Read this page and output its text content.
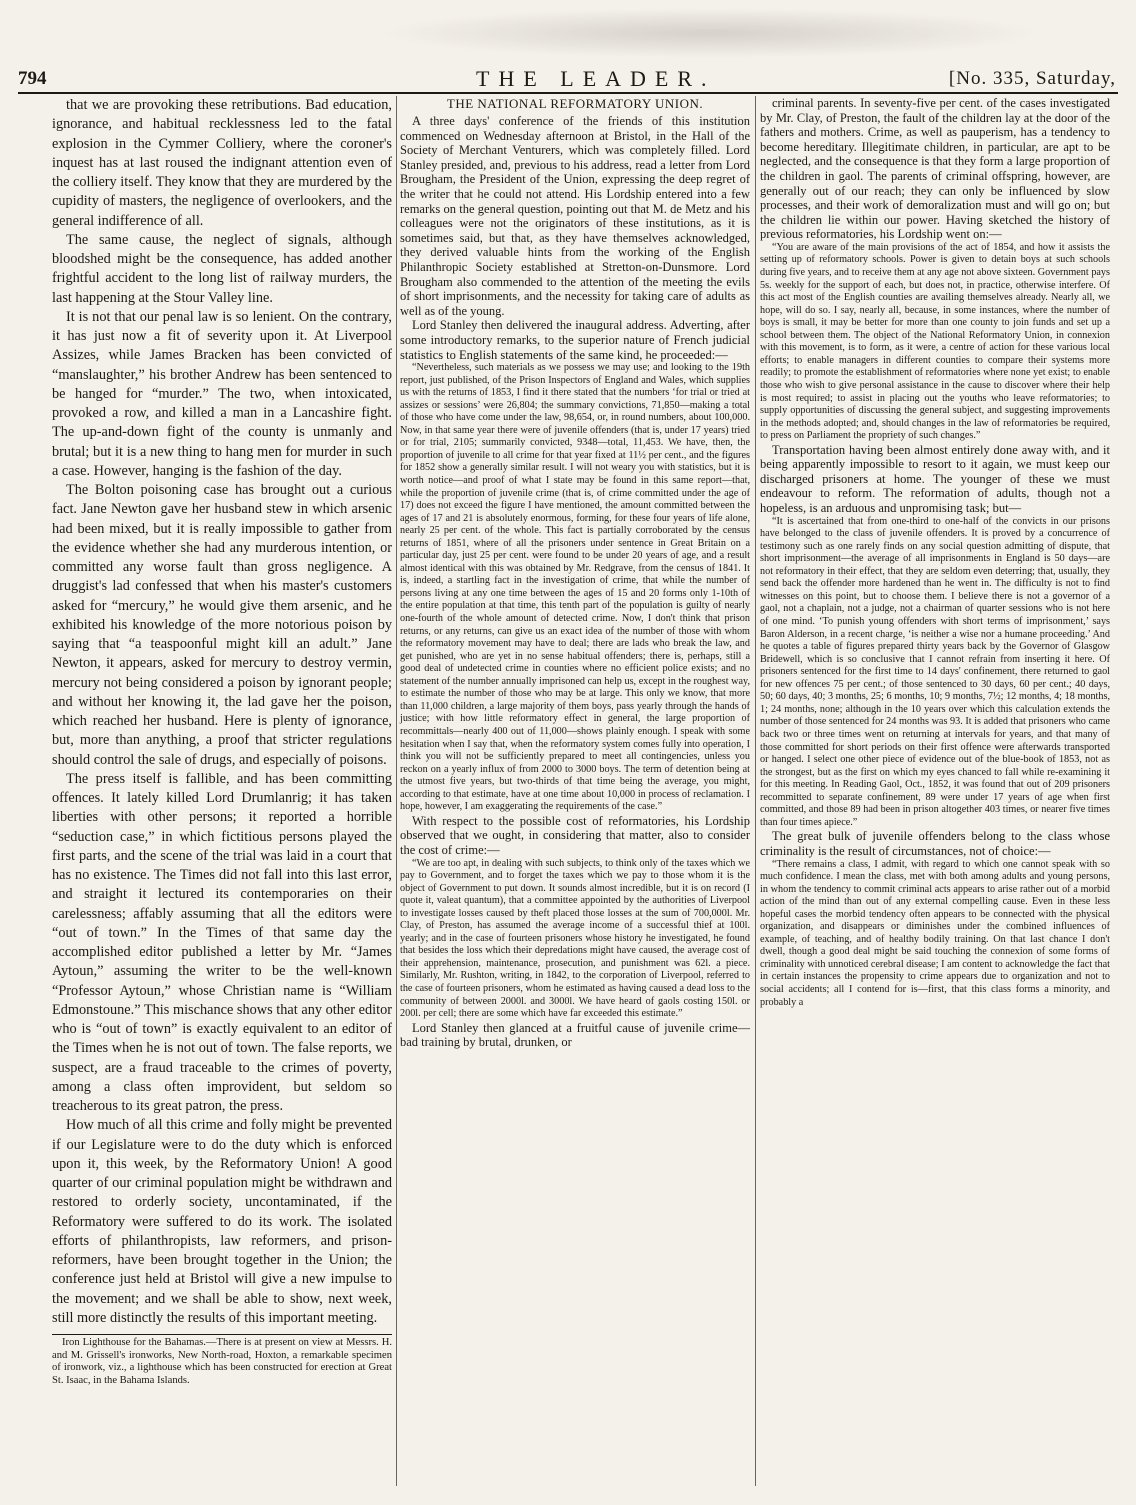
794	THE LEADER.	[No. 335, Saturday,

that we are provoking these retributions. Bad education, ignorance, and habitual recklessness led to the fatal explosion in the Cymmer Colliery, where the coroner's inquest has at last roused the indignant attention even of the colliery itself. They know that they are murdered by the cupidity of masters, the negligence of overlookers, and the general indifference of all.

The same cause, the neglect of signals, although bloodshed might be the consequence, has added another frightful accident to the long list of railway murders, the last happening at the Stour Valley line.

It is not that our penal law is so lenient. On the contrary, it has just now a fit of severity upon it. At Liverpool Assizes, while James Bracken has been convicted of “manslaughter,” his brother Andrew has been sentenced to be hanged for “murder.” The two, when intoxicated, provoked a row, and killed a man in a Lancashire fight. The up-and-down fight of the county is unmanly and brutal; but it is a new thing to hang men for murder in such a case. However, hanging is the fashion of the day.

The Bolton poisoning case has brought out a curious fact. Jane Newton gave her husband stew in which arsenic had been mixed, but it is really impossible to gather from the evidence whether she had any murderous intention, or committed any worse fault than gross negligence. A druggist's lad confessed that when his master's customers asked for “mercury,” he would give them arsenic, and he exhibited his knowledge of the more notorious poison by saying that “a teaspoonful might kill an adult.” Jane Newton, it appears, asked for mercury to destroy vermin, mercury not being considered a poison by ignorant people; and without her knowing it, the lad gave her the poison, which reached her husband. Here is plenty of ignorance, but, more than anything, a proof that stricter regulations should control the sale of drugs, and especially of poisons.

The press itself is fallible, and has been committing offences. It lately killed Lord Drumlanrig; it has taken liberties with other persons; it reported a horrible “seduction case,” in which fictitious persons played the first parts, and the scene of the trial was laid in a court that has no existence. The Times did not fall into this last error, and straight it lectured its contemporaries on their carelessness; affably assuming that all the editors were “out of town.” In the Times of that same day the accomplished editor published a letter by Mr. “James Aytoun,” assuming the writer to be the well-known “Professor Aytoun,” whose Christian name is “William Edmonstoune.” This mischance shows that any other editor who is “out of town” is exactly equivalent to an editor of the Times when he is not out of town. The false reports, we suspect, are a fraud traceable to the crimes of poverty, among a class often improvident, but seldom so treacherous to its great patron, the press.

How much of all this crime and folly might be prevented if our Legislature were to do the duty which is enforced upon it, this week, by the Reformatory Union! A good quarter of our criminal population might be withdrawn and restored to orderly society, uncontaminated, if the Reformatory were suffered to do its work. The isolated efforts of philanthropists, law reformers, and prison-reformers, have been brought together in the Union; the conference just held at Bristol will give a new impulse to the movement; and we shall be able to show, next week, still more distinctly the results of this important meeting.

Iron Lighthouse for the Bahamas.—There is at present on view at Messrs. H. and M. Grissell's ironworks, New North-road, Hoxton, a remarkable specimen of ironwork, viz., a lighthouse which has been constructed for erection at Great St. Isaac, in the Bahama Islands.

THE NATIONAL REFORMATORY UNION.

A three days' conference of the friends of this institution commenced on Wednesday afternoon at Bristol, in the Hall of the Society of Merchant Venturers, which was completely filled. Lord Stanley presided, and, previous to his address, read a letter from Lord Brougham, the President of the Union, expressing the deep regret of the writer that he could not attend. His Lordship entered into a few remarks on the general question, pointing out that M. de Metz and his colleagues were not the originators of these institutions, as it is sometimes said, but that, as they have themselves acknowledged, they derived valuable hints from the working of the English Philanthropic Society established at Stretton-on-Dunsmore. Lord Brougham also commended to the attention of the meeting the evils of short imprisonments, and the necessity for taking care of adults as well as of the young.

Lord Stanley then delivered the inaugural address. Adverting, after some introductory remarks, to the superior nature of French judicial statistics to English statements of the same kind, he proceeded:—

“Nevertheless, such materials as we possess we may use; and looking to the 19th report, just published, of the Prison Inspectors of England and Wales, which supplies us with the returns of 1853, I find it there stated that the numbers ‘for trial or tried at assizes or sessions’ were 26,804; the summary convictions, 71,850—making a total of those who have come under the law, 98,654, or, in round numbers, about 100,000. Now, in that same year there were of juvenile offenders (that is, under 17 years) tried or for trial, 2105; summarily convicted, 9348—total, 11,453. We have, then, the proportion of juvenile to all crime for that year fixed at 11½ per cent., and the figures for 1852 show a generally similar result. I will not weary you with statistics, but it is worth notice—and proof of what I state may be found in this same report—that, while the proportion of juvenile crime (that is, of crime committed under the age of 17) does not exceed the figure I have mentioned, the amount committed between the ages of 17 and 21 is absolutely enormous, forming, for these four years of life alone, nearly 25 per cent. of the whole. This fact is partially corroborated by the census returns of 1851, where of all the prisoners under sentence in Great Britain on a particular day, just 25 per cent. were found to be under 20 years of age, and a result almost identical with this was obtained by Mr. Redgrave, from the census of 1841. It is, indeed, a startling fact in the investigation of crime, that while the number of persons living at any one time between the ages of 15 and 20 forms only 1-10th of the entire population at that time, this tenth part of the population is guilty of nearly one-fourth of the whole amount of detected crime. Now, I don't think that prison returns, or any returns, can give us an exact idea of the number of those with whom the reformatory movement may have to deal; there are lads who break the law, and get punished, who are yet in no sense habitual offenders; there is, perhaps, still a good deal of undetected crime in counties where no efficient police exists; and no statement of the number annually imprisoned can help us, except in the roughest way, to estimate the number of those who may be at large. This only we know, that more than 11,000 children, a large majority of them boys, pass yearly through the hands of justice; with how little reformatory effect in general, the large proportion of recommittals—nearly 400 out of 11,000—shows plainly enough. I speak with some hesitation when I say that, when the reformatory system comes fully into operation, I think you will not be sufficiently prepared to meet all contingencies, unless you reckon on a yearly influx of from 2000 to 3000 boys. The term of detention being at the utmost five years, but two-thirds of that time being the average, you might, according to that estimate, have at one time about 10,000 in process of reclamation. I hope, however, I am exaggerating the requirements of the case.”

With respect to the possible cost of reformatories, his Lordship observed that we ought, in considering that matter, also to consider the cost of crime:—

“We are too apt, in dealing with such subjects, to think only of the taxes which we pay to Government, and to forget the taxes which we pay to those whom it is the object of Government to put down. It sounds almost incredible, but it is on record (I quote it, valeat quantum), that a committee appointed by the authorities of Liverpool to investigate losses caused by theft placed those losses at the sum of 700,000l. Mr. Clay, of Preston, has assumed the average income of a successful thief at 100l. yearly; and in the case of fourteen prisoners whose history he investigated, he found that besides the loss which their depredations might have caused, the average cost of their apprehension, maintenance, prosecution, and punishment was 62l. a piece. Similarly, Mr. Rushton, writing, in 1842, to the corporation of Liverpool, referred to the case of fourteen prisoners, whom he estimated as having caused a dead loss to the community of between 2000l. and 3000l. We have heard of gaols costing 150l. or 200l. per cell; there are some which have far exceeded this estimate.”

Lord Stanley then glanced at a fruitful cause of juvenile crime—bad training by brutal, drunken, or

criminal parents. In seventy-five per cent. of the cases investigated by Mr. Clay, of Preston, the fault of the children lay at the door of the fathers and mothers. Crime, as well as pauperism, has a tendency to become hereditary. Illegitimate children, in particular, are apt to be neglected, and the consequence is that they form a large proportion of the children in gaol. The parents of criminal offspring, however, are generally out of our reach; they can only be influenced by slow processes, and their work of demoralization must and will go on; but the children lie within our power. Having sketched the history of previous reformatories, his Lordship went on:—

“You are aware of the main provisions of the act of 1854, and how it assists the setting up of reformatory schools. Power is given to detain boys at such schools during five years, and to receive them at any age not above sixteen. Government pays 5s. weekly for the support of each, but does not, in practice, otherwise interfere. Of this act most of the English counties are availing themselves already. Nearly all, we hope, will do so. I say, nearly all, because, in some instances, where the number of boys is small, it may be better for more than one county to join funds and set up a school between them. The object of the National Reformatory Union, in connexion with this movement, is to form, as it were, a centre of action for these various local efforts; to enable managers in different counties to compare their systems more readily; to promote the establishment of reformatories where none yet exist; to enable those who wish to give personal assistance in the cause to discover where their help is most required; to assist in placing out the youths who leave reformatories; to supply opportunities of discussing the general subject, and suggesting improvements in the methods adopted; and, should changes in the law of reformatories be required, to press on Parliament the propriety of such changes.”

Transportation having been almost entirely done away with, and it being apparently impossible to resort to it again, we must keep our discharged prisoners at home. The younger of these we must endeavour to reform. The reformation of adults, though not a hopeless, is an arduous and unpromising task; but—

“It is ascertained that from one-third to one-half of the convicts in our prisons have belonged to the class of juvenile offenders. It is proved by a concurrence of testimony such as one rarely finds on any social question admitting of dispute, that short imprisonment—the average of all imprisonments in England is 50 days—are not reformatory in their effect, that they are seldom even deterring; that, usually, they send back the offender more hardened than he went in. The difficulty is not to find witnesses on this point, but to choose them. I believe there is not a governor of a gaol, not a chaplain, not a judge, not a chairman of quarter sessions who is not here of one mind. ‘To punish young offenders with short terms of imprisonment,’ says Baron Alderson, in a recent charge, ‘is neither a wise nor a humane proceeding.’ And he quotes a table of figures prepared thirty years back by the Governor of Glasgow Bridewell, which is so conclusive that I cannot refrain from inserting it here. Of prisoners sentenced for the first time to 14 days' confinement, there returned to gaol for new offences 75 per cent.; of those sentenced to 30 days, 60 per cent.; 40 days, 50; 60 days, 40; 3 months, 25; 6 months, 10; 9 months, 7½; 12 months, 4; 18 months, 1; 24 months, none; although in the 10 years over which this calculation extends the number of those sentenced for 24 months was 93. It is added that prisoners who came back two or three times went on returning at intervals for years, and that many of those committed for short periods on their first offence were afterwards transported or hanged. I select one other piece of evidence out of the blue-book of 1853, not as the strongest, but as the first on which my eyes chanced to fall while re-examining it for this meeting. In Reading Gaol, Oct., 1852, it was found that out of 209 prisoners recommitted to separate confinement, 89 were under 17 years of age when first committed, and those 89 had been in prison altogether 403 times, or nearer five times than four times apiece.”

The great bulk of juvenile offenders belong to the class whose criminality is the result of circumstances, not of choice:—

“There remains a class, I admit, with regard to which one cannot speak with so much confidence. I mean the class, met with both among adults and young persons, in whom the tendency to commit criminal acts appears to arise rather out of a morbid action of the mind than out of any external compelling cause. Even in these less hopeful cases the morbid tendency often appears to be connected with the physical organization, and disappears or diminishes under the combined influences of example, of teaching, and of healthy bodily training. On that last chance I don't dwell, though a good deal might be said touching the connexion of some forms of criminality with unnoticed cerebral disease; I am content to acknowledge the fact that in certain instances the propensity to crime appears due to organization and not to social accidents; all I contend for is—first, that this class forms a minority, and probably a
